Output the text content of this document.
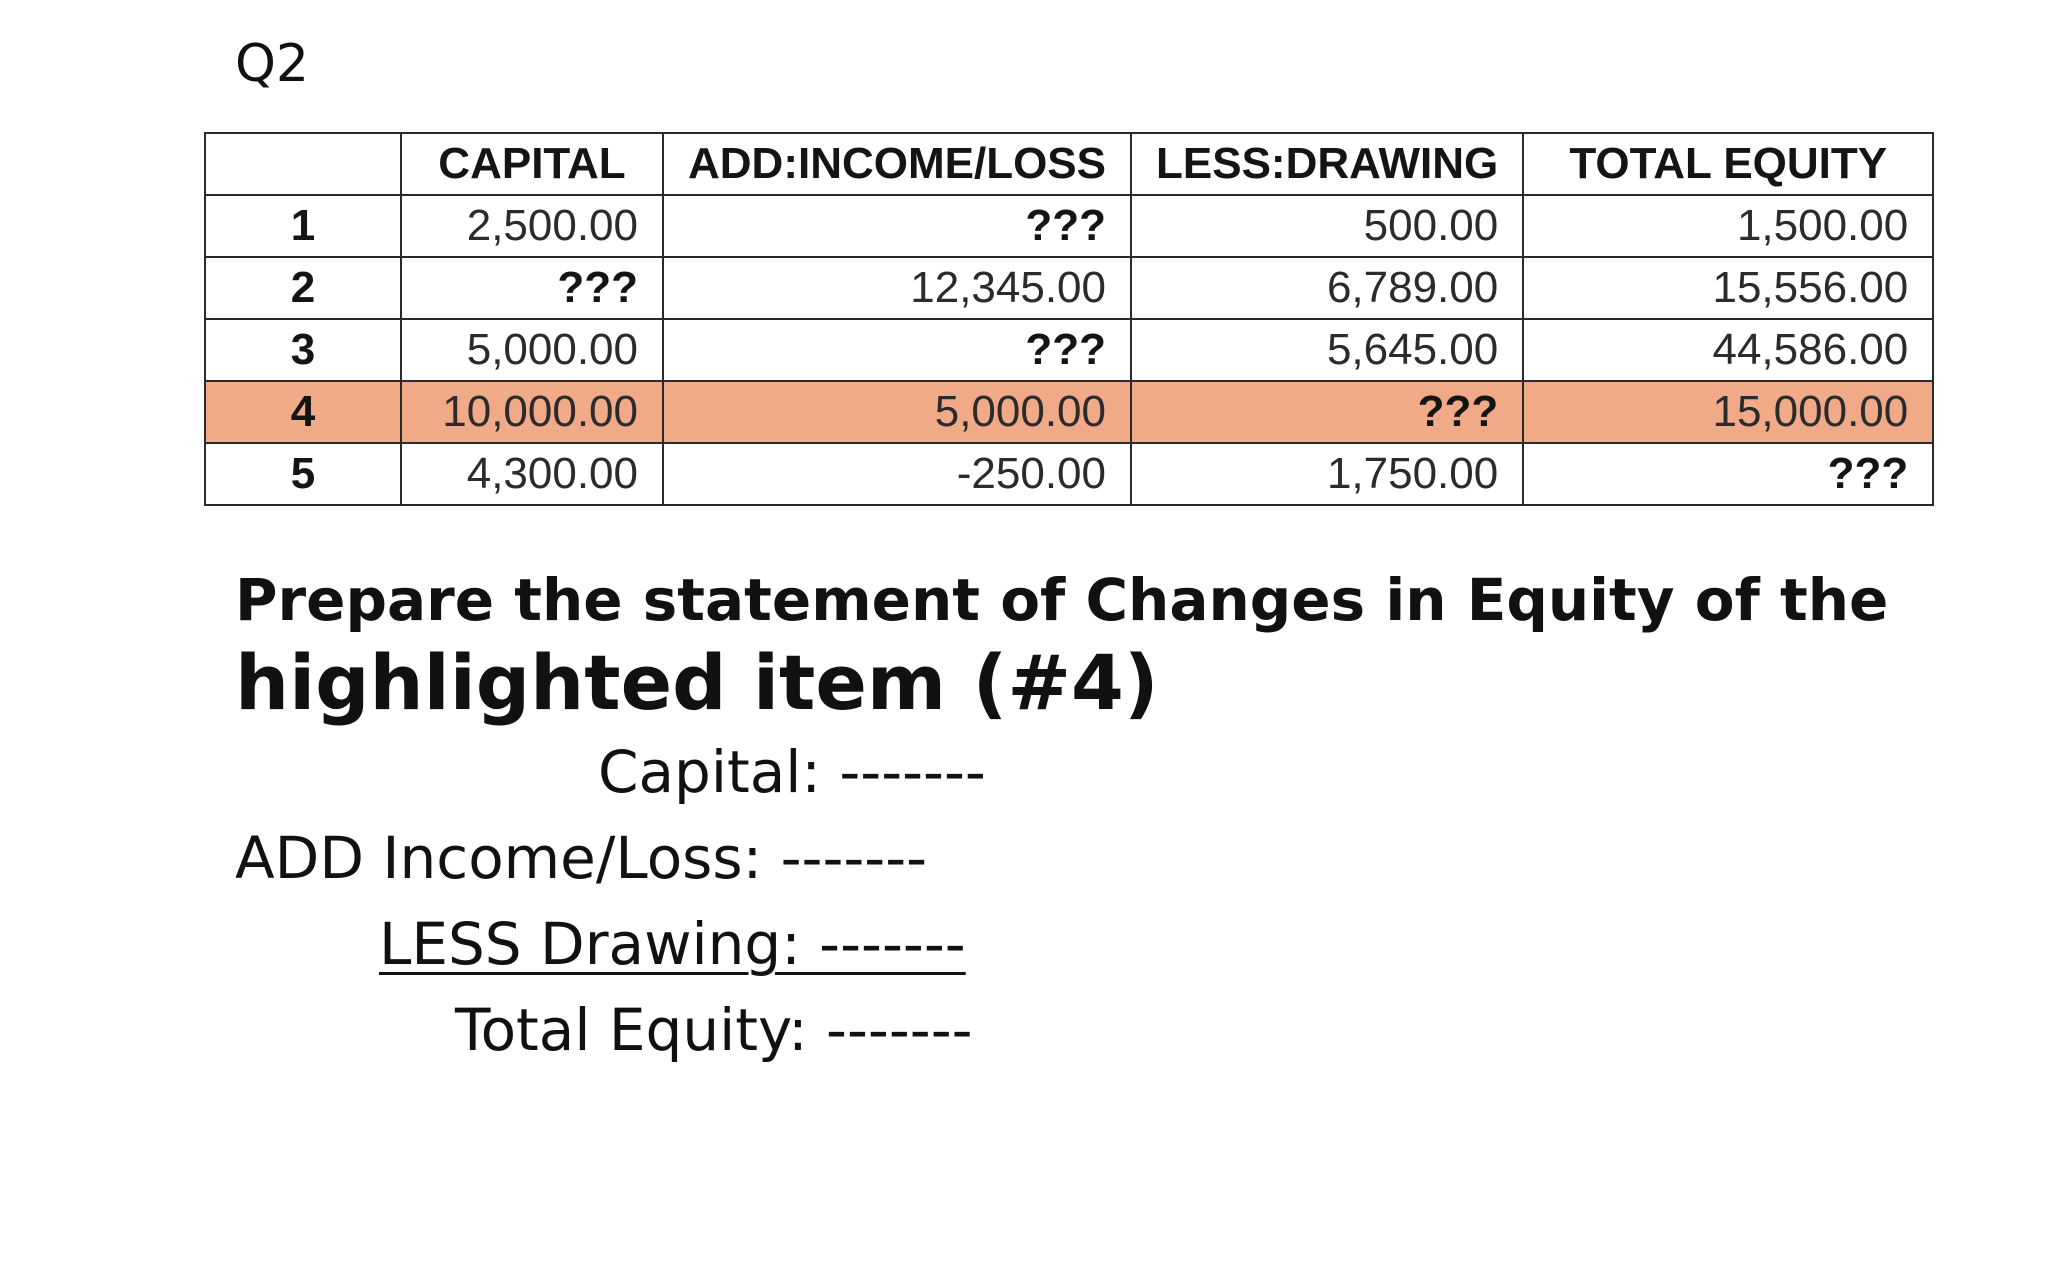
Q2
	CAPITAL	ADD:INCOME/LOSS	LESS:DRAWING	TOTAL EQUITY
1	2,500.00	???	500.00	1,500.00
2	???	12,345.00	6,789.00	15,556.00
3	5,000.00	???	5,645.00	44,586.00
4	10,000.00	5,000.00	???	15,000.00
5	4,300.00	-250.00	1,750.00	???
Prepare the statement of Changes in Equity of the
highlighted item (#4)
Capital: -------
ADD Income/Loss: -------
LESS Drawing: -------
Total Equity: -------
